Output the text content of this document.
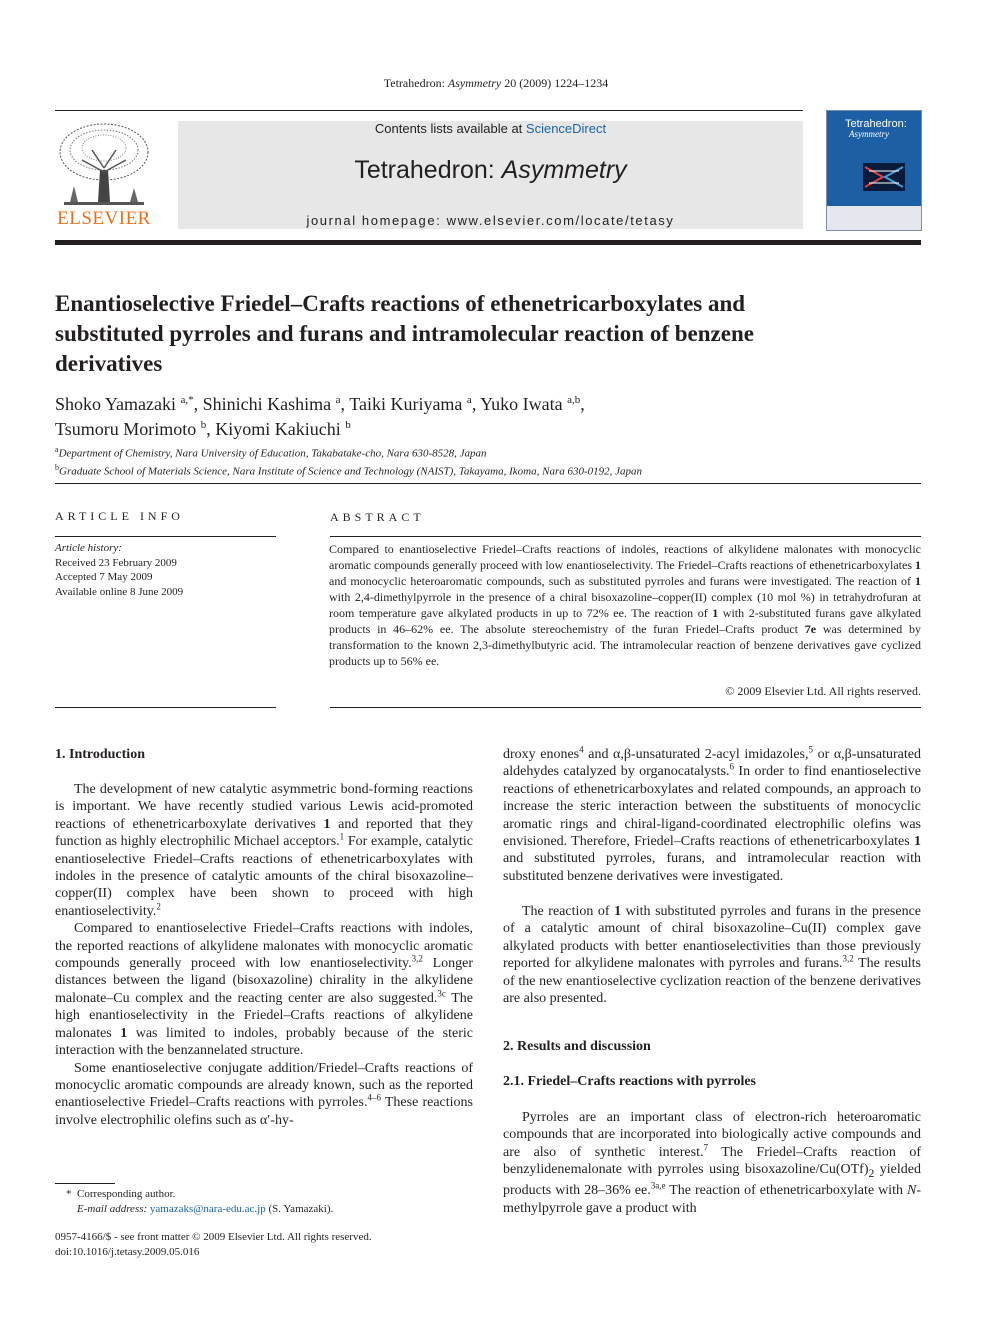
Tetrahedron: Asymmetry 20 (2009) 1224–1234
ELSEVIER
Contents lists available at ScienceDirect
Tetrahedron: Asymmetry
journal homepage: www.elsevier.com/locate/tetasy
Tetrahedron:
Asymmetry
Enantioselective Friedel–Crafts reactions of ethenetricarboxylates and substituted pyrroles and furans and intramolecular reaction of benzene derivatives
Shoko Yamazaki $^{a,*}$, Shinichi Kashima $^a$, Taiki Kuriyama $^a$, Yuko Iwata $^{a,b}$,
Tsumoru Morimoto $^b$, Kiyomi Kakiuchi $^b$
$^a$Department of Chemistry, Nara University of Education, Takabatake-cho, Nara 630-8528, Japan
$^b$Graduate School of Materials Science, Nara Institute of Science and Technology (NAIST), Takayama, Ikoma, Nara 630-0192, Japan
ARTICLE INFO
Article history:
Received 23 February 2009
Accepted 7 May 2009
Available online 8 June 2009
ABSTRACT
Compared to enantioselective Friedel–Crafts reactions of indoles, reactions of alkylidene malonates with monocyclic aromatic compounds generally proceed with low enantioselectivity. The Friedel–Crafts reactions of ethenetricarboxylates 1 and monocyclic heteroaromatic compounds, such as substituted pyrroles and furans were investigated. The reaction of 1 with 2,4-dimethylpyrrole in the presence of a chiral bisoxazoline–copper(II) complex (10 mol %) in tetrahydrofuran at room temperature gave alkylated products in up to 72% ee. The reaction of 1 with 2-substituted furans gave alkylated products in 46–62% ee. The absolute stereochemistry of the furan Friedel–Crafts product 7e was determined by transformation to the known 2,3-dimethylbutyric acid. The intramolecular reaction of benzene derivatives gave cyclized products up to 56% ee.
© 2009 Elsevier Ltd. All rights reserved.
1. Introduction

The development of new catalytic asymmetric bond-forming reactions is important. We have recently studied various Lewis acid-promoted reactions of ethenetricarboxylate derivatives 1 and reported that they function as highly electrophilic Michael acceptors.$^1$ For example, catalytic enantioselective Friedel–Crafts reactions of ethenetricarboxylates with indoles in the presence of catalytic amounts of the chiral bisoxazoline–copper(II) complex have been shown to proceed with high enantioselectivity.$^2$

Compared to enantioselective Friedel–Crafts reactions with indoles, the reported reactions of alkylidene malonates with monocyclic aromatic compounds generally proceed with low enantioselectivity.$^{3,2}$ Longer distances between the ligand (bisoxazoline) chirality in the alkylidene malonate–Cu complex and the reacting center are also suggested.$^{3c}$ The high enantioselectivity in the Friedel–Crafts reactions of alkylidene malonates 1 was limited to indoles, probably because of the steric interaction with the benzannelated structure.

Some enantioselective conjugate addition/Friedel–Crafts reactions of monocyclic aromatic compounds are already known, such as the reported enantioselective Friedel–Crafts reactions with pyrroles.$^{4-6}$ These reactions involve electrophilic olefins such as α′-hy-

droxy enones$^4$ and α,β-unsaturated 2-acyl imidazoles,$^5$ or α,β-unsaturated aldehydes catalyzed by organocatalysts.$^6$ In order to find enantioselective reactions of ethenetricarboxylates and related compounds, an approach to increase the steric interaction between the substituents of monocyclic aromatic rings and chiral-ligand-coordinated electrophilic olefins was envisioned. Therefore, Friedel–Crafts reactions of ethenetricarboxylates 1 and substituted pyrroles, furans, and intramolecular reaction with substituted benzene derivatives were investigated.

The reaction of 1 with substituted pyrroles and furans in the presence of a catalytic amount of chiral bisoxazoline–Cu(II) complex gave alkylated products with better enantioselectivities than those previously reported for alkylidene malonates with pyrroles and furans.$^{3,2}$ The results of the new enantioselective cyclization reaction of the benzene derivatives are also presented.

2. Results and discussion
2.1. Friedel–Crafts reactions with pyrroles

Pyrroles are an important class of electron-rich heteroaromatic compounds that are incorporated into biologically active compounds and are also of synthetic interest.$^7$ The Friedel–Crafts reaction of benzylidenemalonate with pyrroles using bisoxazoline/$Cu(OTf)_2$ yielded products with 28–36% ee.$^{3a,e}$ The reaction of ethenetricarboxylate with N-methylpyrrole gave a product with

*  Corresponding author.
E-mail address: yamazaks@nara-edu.ac.jp (S. Yamazaki).
0957-4166/$ - see front matter © 2009 Elsevier Ltd. All rights reserved.
doi:10.1016/j.tetasy.2009.05.016
